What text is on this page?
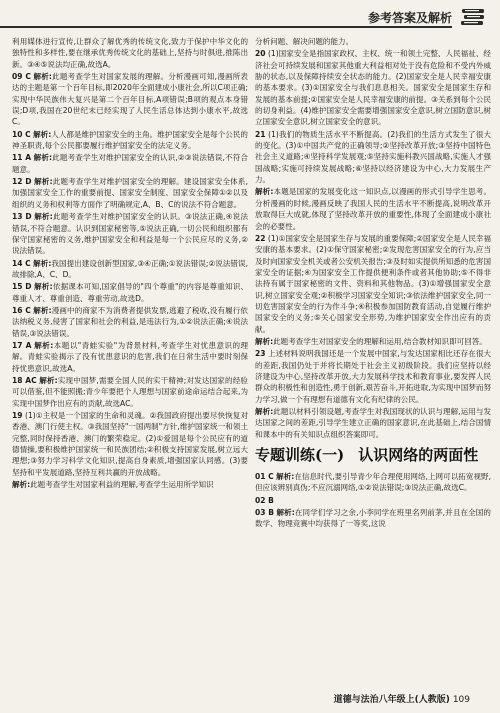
参考答案及解析

利用媒体进行宣传,让群众了解优秀的传统文化,致力于保护中华文化的独特性和多样性,要在继承优秀传统文化的基础上,坚持与时俱进,推陈出新。③④⑤说法均正确,故选A。

09 C 解析:此题考查学生对国家发展的理解。分析漫画可知,漫画所表达的主题是第一个百年目标,即2020年全面建成小康社会,所以C项正确;实现中华民族伟大复兴是第二个百年目标,A项错误;B项的观点本身错误;D项,我国在20世纪末已经实现了人民生活总体达到小康水平,故选C。

10 C 解析:人人都是维护国家安全的主角。维护国家安全是每个公民的神圣职责,每个公民都要履行维护国家安全的法定义务。

11 A 解析:此题考查学生对维护国家安全的认识,②③说法错误,不符合题意。

12 D 解析:此题考查学生对维护国家安全的理解。建设国家安全体系,加强国家安全工作的重要前提、国家安全制度、国家安全保障①②以及组织的义务和权利等方面作了明确规定,A、B、C的说法不符合题意。

13 D 解析:此题考查学生对维护国家安全的认识。③说法正确,④说法错误,不符合题意。认识到国家秘密等,⑤说法正确,一切公民和组织都有保守国家秘密的义务,维护国家安全和利益是每一个公民应尽的义务,②说法错误。

14 C 解析:我国提出建设创新型国家,③④正确;①说法错误;②说法错误,故排除,A、C、D。

15 D 解析:依据课本可知,国家倡导的"四个尊重"的内容是尊重知识、尊重人才、尊重创造、尊重劳动,故选D。

16 C 解析:漫画中的商家不为消费者提供发票,逃避了税收,没有履行依法纳税义务,侵害了国家和社会的利益,是违法行为,①②说法正确;④说法错误,③说法错误。

17 A 解析:本题以"青蛙实验"为背景材料,考查学生对忧患意识的理解。青蛙实验揭示了没有忧患意识的危害,我们在日常生活中要时刻保持忧患意识,故选A。

18 AC 解析:实现中国梦,需要全国人民的实干精神;对发达国家的经验可以借鉴,但不能照搬;青少年要把个人理想与国家前途命运结合起来,为实现中国梦作出应有的贡献,故选AC。

19 (1)①主权是一个国家的生命和灵魂。②我国政府提出要尽快恢复对香港、澳门行使主权。③我国坚持"一国两制"方针,维护国家统一和领土完整,同时保持香港、澳门的繁荣稳定。(2)①爱国是每个公民应有的道德情操,要积极维护国家统一和民族团结;②积极支持国家发展,树立远大理想;③努力学习科学文化知识,提高自身素质,增强国家认同感。(3)要坚持和平发展道路,坚持互利共赢的开放战略。

解析:此题考查学生对国家利益的理解,考查学生运用所学知识

分析问题、解决问题的能力。

20 (1)国家安全是指国家政权、主权、统一和领土完整、人民福祉、经济社会可持续发展和国家其他重大利益相对处于没有危险和不受内外威胁的状态,以及保障持续安全状态的能力。(2)国家安全是人民幸福安康的基本要求。(3)①国家安全与我们息息相关。国家安全是国家生存和发展的基本前提;②国家安全是人民幸福安康的前提。③关系到每个公民的切身利益。(4)维护国家安全需要增强国家安全意识,树立国防意识,树立国家安全意识,树立国家安全的意识。

21 (1)我们的物质生活水平不断提高。(2)我们的生活方式发生了很大的变化。(3)①中国共产党的正确领导;②坚持改革开放;③坚持中国特色社会主义道路;④坚持科学发展观;⑤坚持实施科教兴国战略,实施人才强国战略;实施可持续发展战略;⑥坚持以经济建设为中心,大力发展生产力。

解析:本题是国家的发展变化这一知识点,以漫画的形式引导学生思考。分析漫画的时候,漫画反映了我国人民的生活水平不断提高,说明改革开放取得巨大成就,体现了坚持改革开放的重要性,体现了全面建成小康社会的必要性。

22 (1)①国家安全是国家生存与发展的重要保障;②国家安全是人民幸福安康的基本要求。(2)①保守国家秘密;②发现危害国家安全的行为,应当及时向国家安全机关或者公安机关报告;③及时如实提供所知悉的危害国家安全的证据;④为国家安全工作提供便利条件或者其他协助;⑤不得非法持有属于国家秘密的文件、资料和其他物品。(3)①增强国家安全意识,树立国家安全观;②积极学习国家安全知识;③依法维护国家安全,同一切危害国家安全的行为作斗争;④积极参加国防教育活动,自觉履行维护国家安全的义务;⑤关心国家安全形势,为维护国家安全作出应有的贡献。

解析:此题考查学生对国家安全的理解和运用,结合教材知识即可回答。

23 上述材料说明我国还是一个发展中国家,与发达国家相比还存在很大的差距,我国仍处于并将长期处于社会主义初级阶段。我们应坚持以经济建设为中心,坚持改革开放,大力发展科学技术和教育事业,要发挥人民群众的积极性和创造性,勇于创新,艰苦奋斗,开拓进取,为实现中国梦而努力学习,做一个有理想有道德有文化有纪律的公民。

解析:此题以材料引领设题,考查学生对我国现状的认识与理解,运用与发达国家之间的差距,引导学生建立正确的国家意识,在此基础上,结合国情和课本中的有关知识点组织答案即可。

专题训练(一) 认识网络的两面性

01 C 解析:在信息时代,要引导青少年合理使用网络,上网可以拓宽视野,但应该辨别真伪;不应沉溺网络,①②说法错误;③说法正确,故选C。

02 B

03 B 解析:在同学们学习之余,小李同学在班里名列前茅,并且在全国的数学、物理竞赛中均获得了一等奖,这说

道德与法治八年级上(人教版) 109
